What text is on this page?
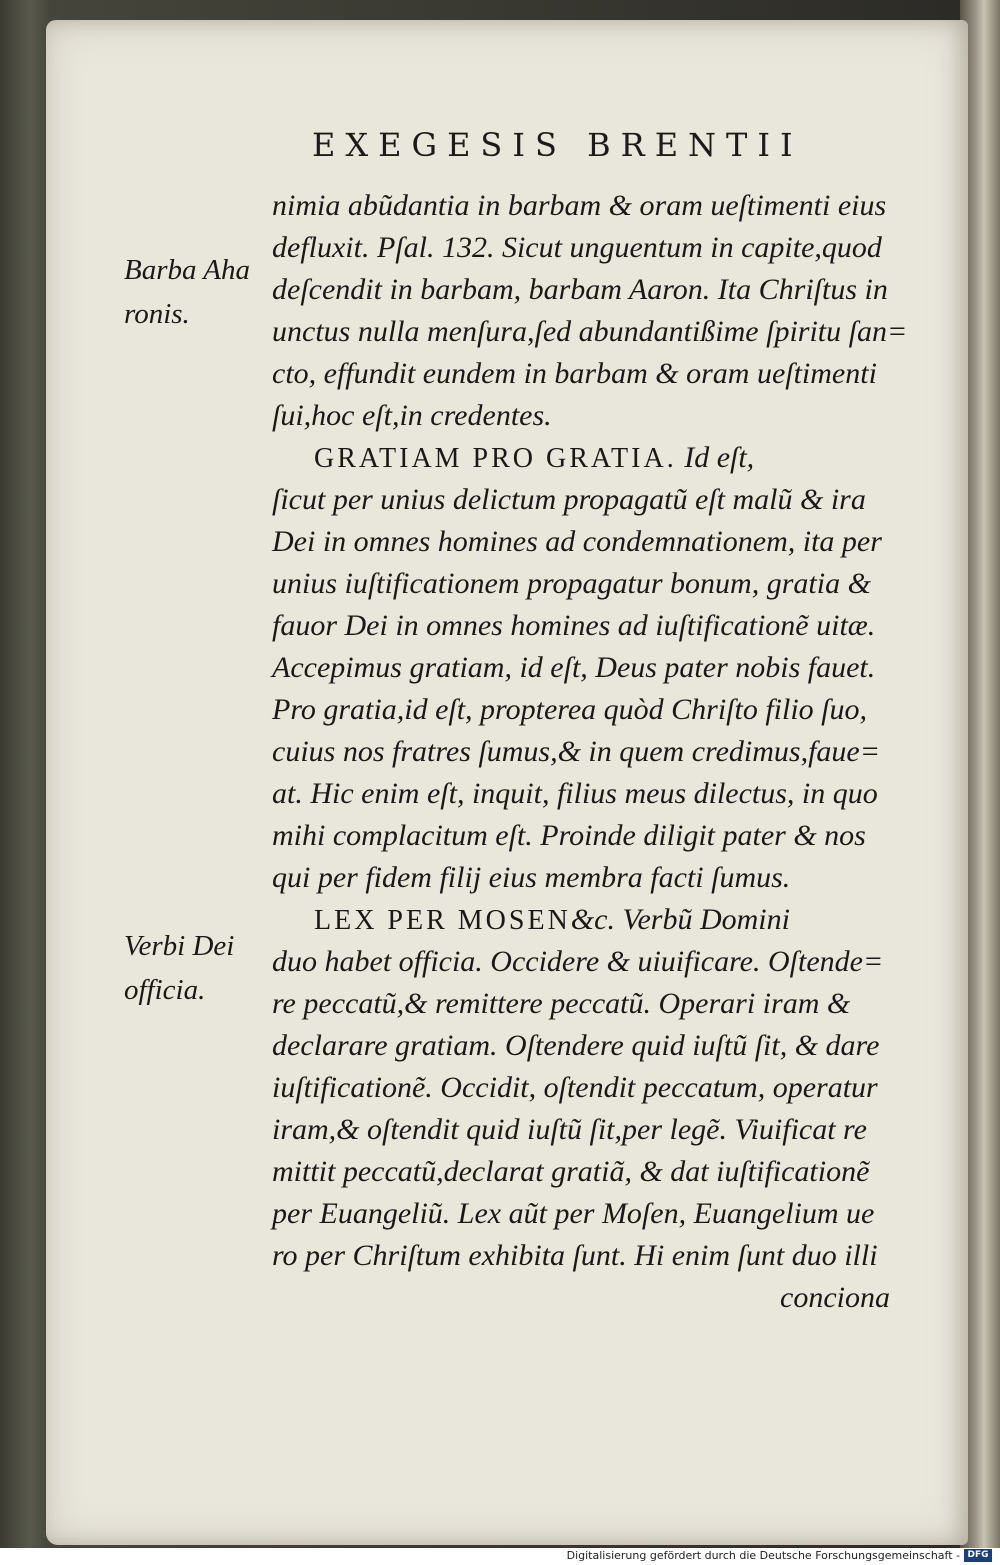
EXEGESIS BRENTII
Barba Aha
ronis.
Verbi Dei
officia.
nimia abũdantia in barbam & oram ueſtimenti eius
defluxit. Pſal. 132. Sicut unguentum in capite,quod
deſcendit in barbam, barbam Aaron. Ita Chriſtus in
unctus nulla menſura,ſed abundantißime ſpiritu ſan=
cto, effundit eundem in barbam & oram ueſtimenti
ſui,hoc eſt,in credentes.
GRATIAM PRO GRATIA. Id eſt,
ſicut per unius delictum propagatũ eſt malũ & ira
Dei in omnes homines ad condemnationem, ita per
unius iuſtificationem propagatur bonum, gratia &
fauor Dei in omnes homines ad iuſtificationẽ uitæ.
Accepimus gratiam, id eſt, Deus pater nobis fauet.
Pro gratia,id eſt, propterea quòd Chriſto filio ſuo,
cuius nos fratres ſumus,& in quem credimus,faue=
at. Hic enim eſt, inquit, filius meus dilectus, in quo
mihi complacitum eſt. Proinde diligit pater & nos
qui per fidem filij eius membra facti ſumus.
LEX PER MOSEN&c. Verbũ Domini
duo habet officia. Occidere & uiuificare. Oſtende=
re peccatũ,& remittere peccatũ. Operari iram &
declarare gratiam. Oſtendere quid iuſtũ ſit, & dare
iuſtificationẽ. Occidit, oſtendit peccatum, operatur
iram,& oſtendit quid iuſtũ ſit,per legẽ. Viuificat re
mittit peccatũ,declarat gratiã, & dat iuſtificationẽ
per Euangeliũ. Lex aũt per Moſen, Euangelium ue
ro per Chriſtum exhibita ſunt. Hi enim ſunt duo illi
conciona
Digitalisierung gefördert durch die Deutsche Forschungsgemeinschaft - DFG
